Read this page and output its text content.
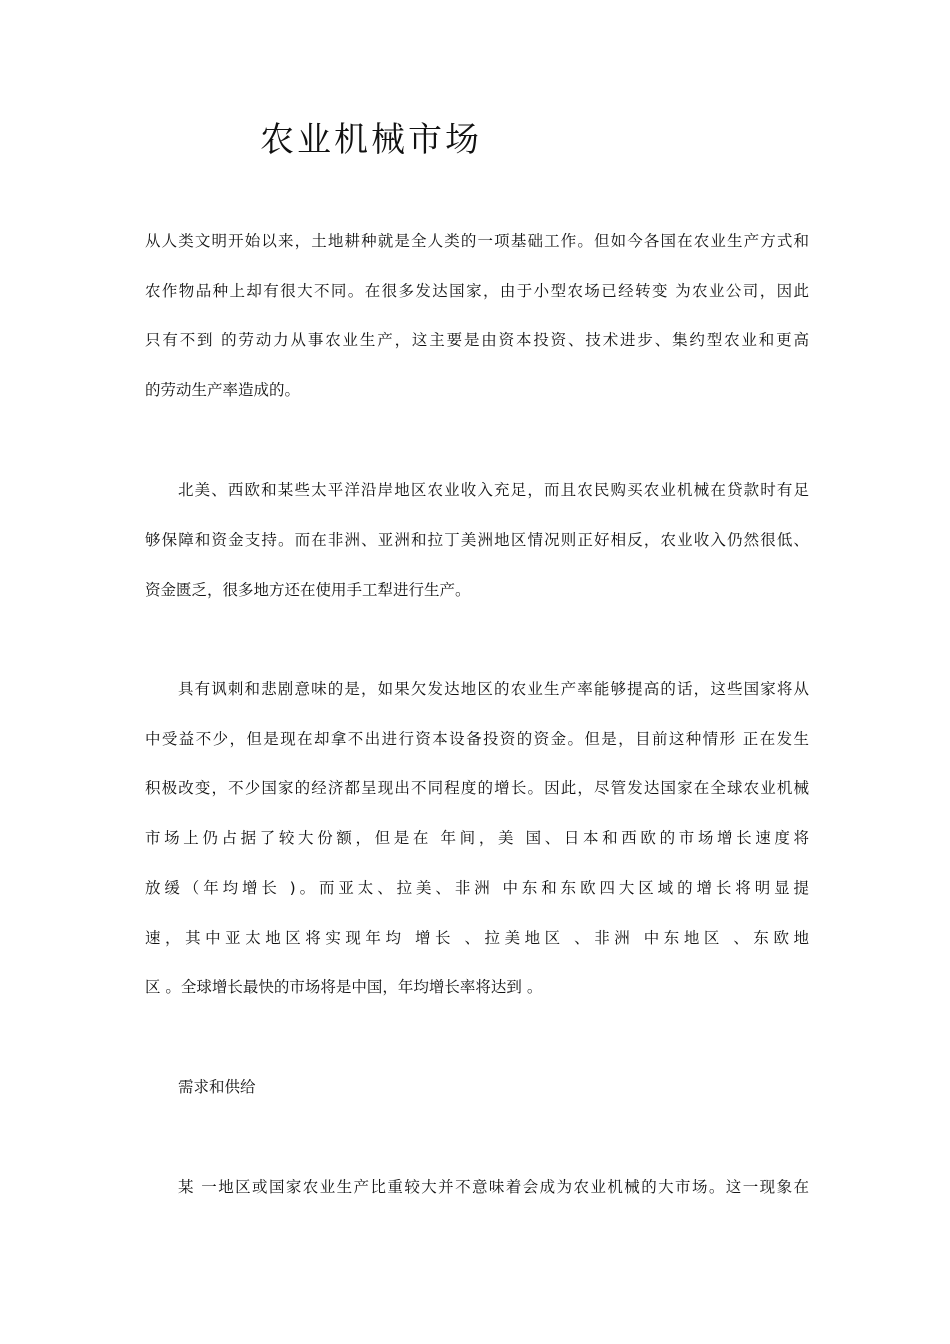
农业机械市场
从人类文明开始以来，土地耕种就是全人类的一项基础工作。但如今各国在农业生产方式和
农作物品种上却有很大不同。在很多发达国家，由于小型农场已经转变 为农业公司，因此
只有不到 的劳动力从事农业生产，这主要是由资本投资、技术进步、集约型农业和更高
的劳动生产率造成的。
北美、西欧和某些太平洋沿岸地区农业收入充足，而且农民购买农业机械在贷款时有足
够保障和资金支持。而在非洲、亚洲和拉丁美洲地区情况则正好相反，农业收入仍然很低、
资金匮乏，很多地方还在使用手工犁进行生产。
具有讽刺和悲剧意味的是，如果欠发达地区的农业生产率能够提高的话，这些国家将从
中受益不少，但是现在却拿不出进行资本设备投资的资金。但是，目前这种情形 正在发生
积极改变，不少国家的经济都呈现出不同程度的增长。因此，尽管发达国家在全球农业机械
市场上仍占据了较大份额，但是在 年间，美 国、日本和西欧的市场增长速度将
放缓（年均增长 )。而亚太、拉美、非洲 中东和东欧四大区域的增长将明显提
速，其中亚太地区将实现年均 增长 、拉美地区 、非洲 中东地区 、东欧地
区 。全球增长最快的市场将是中国，年均增长率将达到 。
需求和供给
某 一地区或国家农业生产比重较大并不意味着会成为农业机械的大市场。这一现象在
